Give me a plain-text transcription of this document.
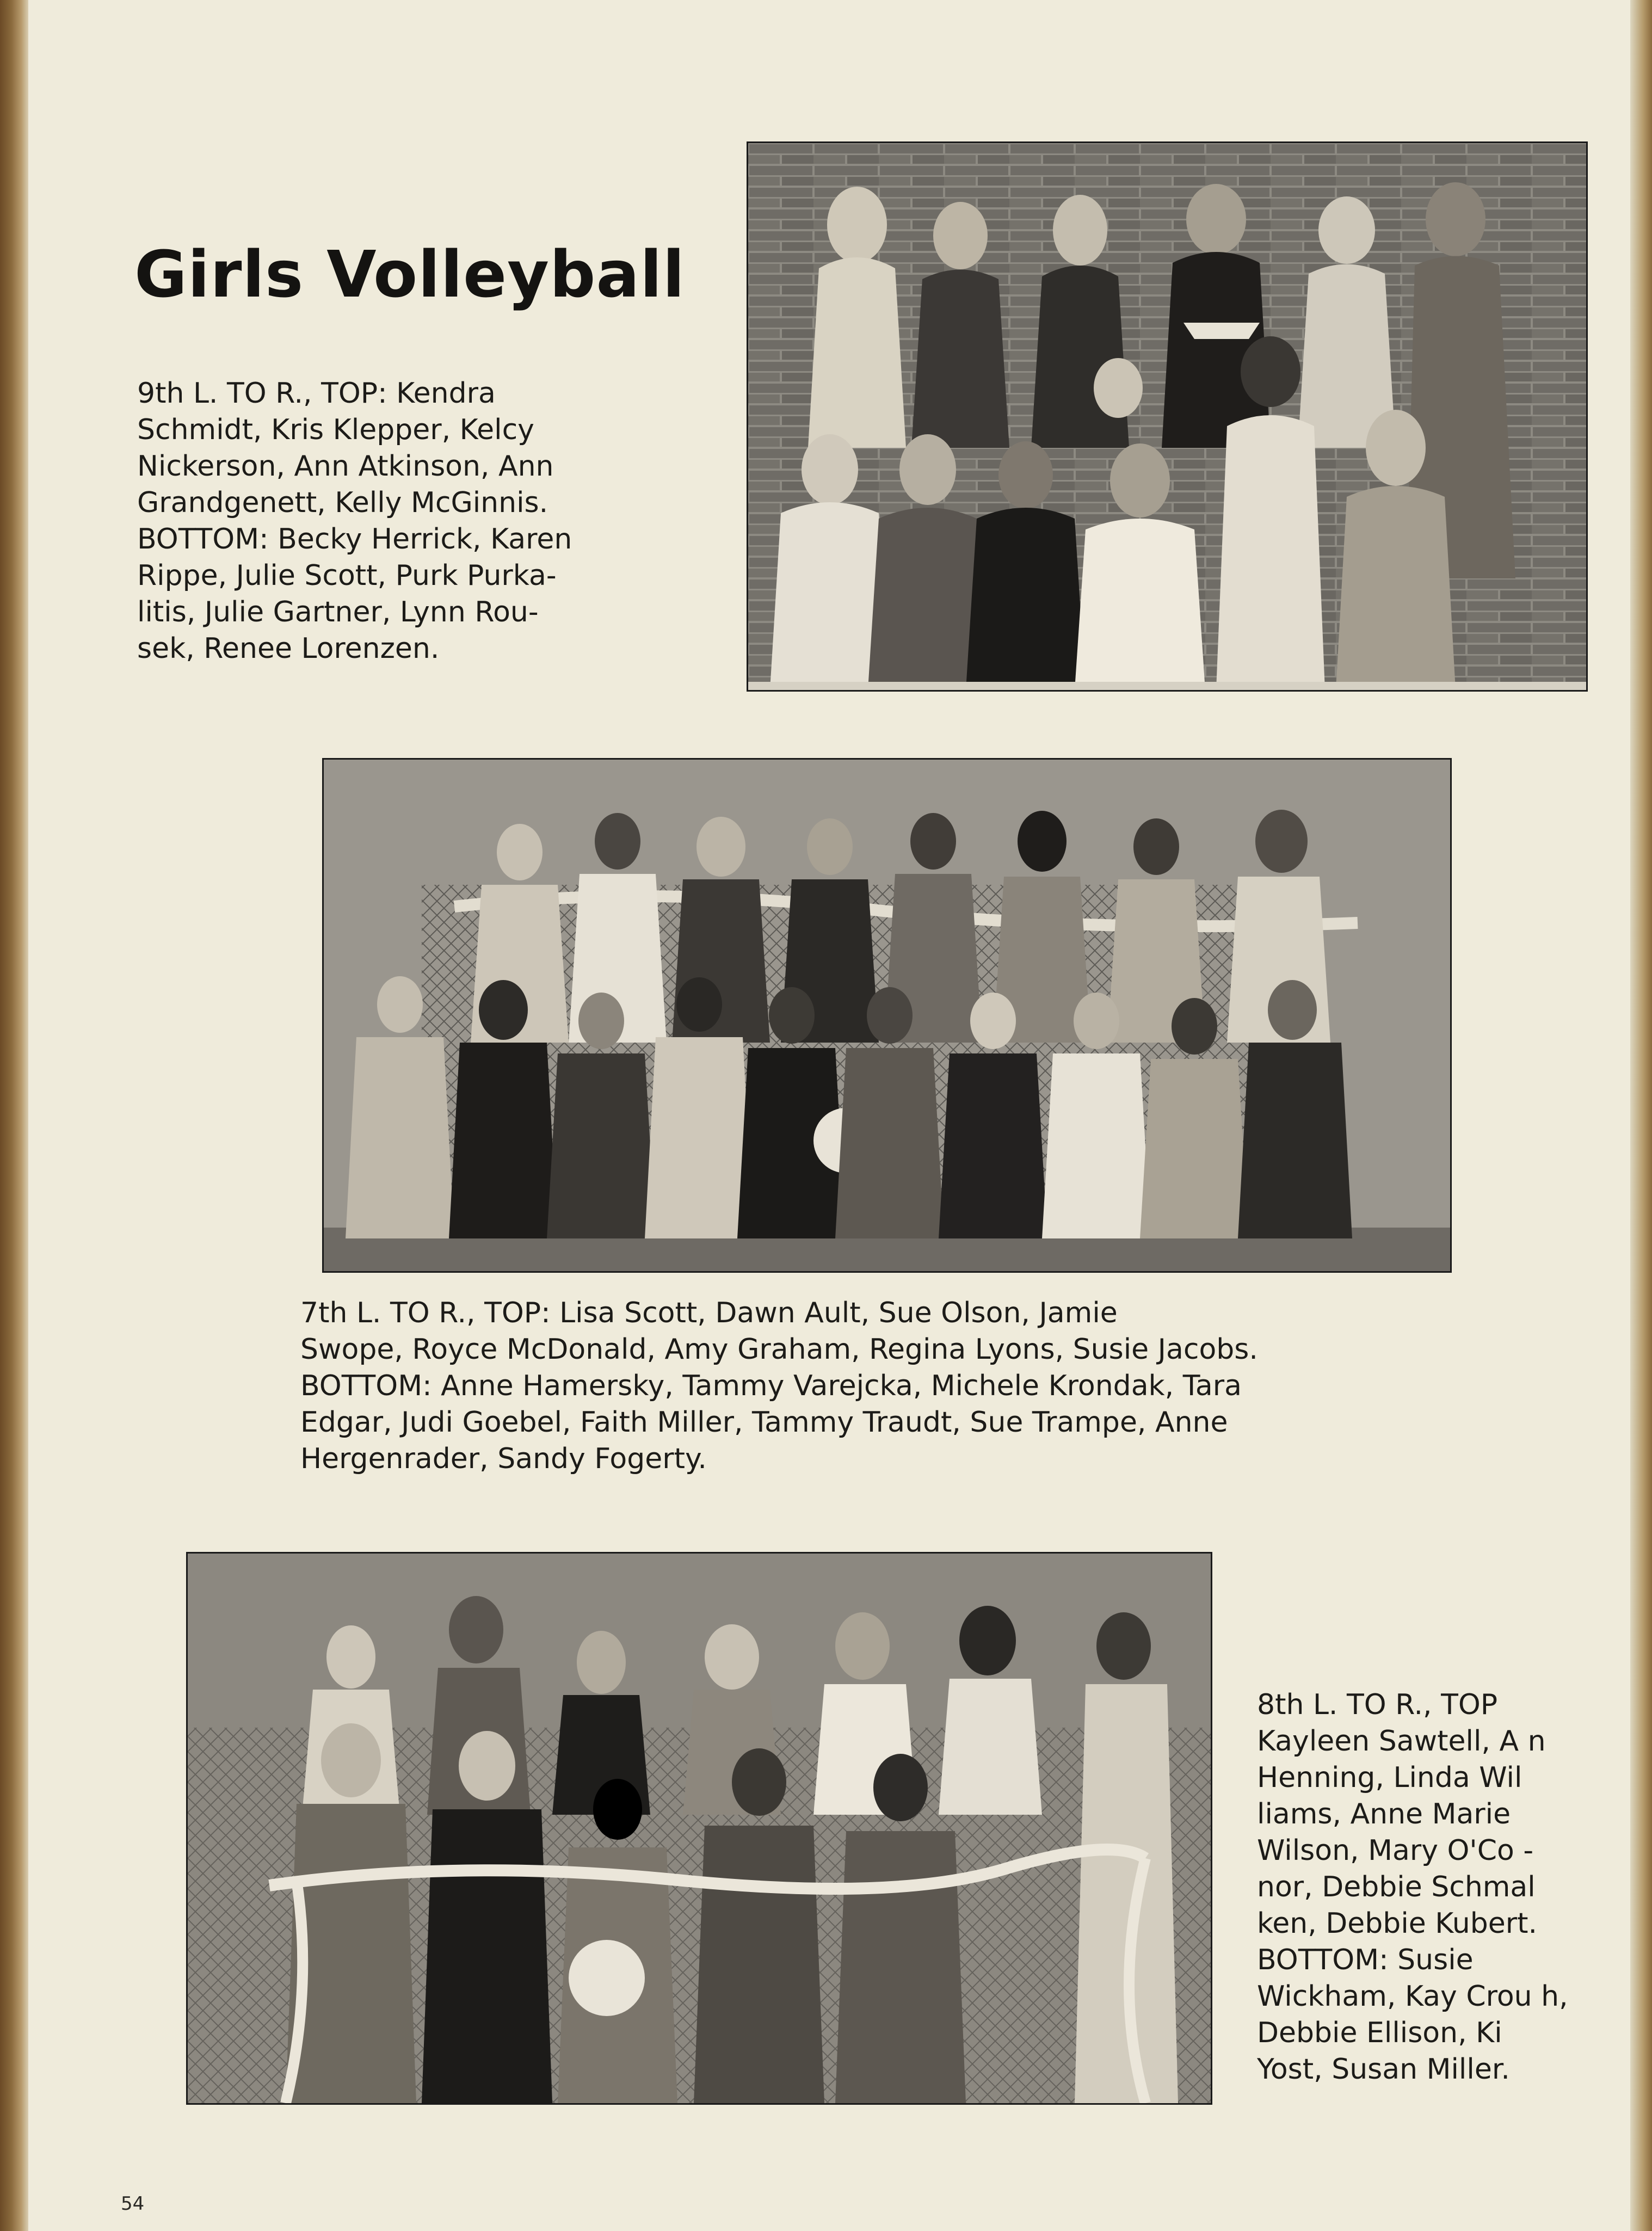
Girls Volleyball
9th L. TO R., TOP: Kendra
Schmidt, Kris Klepper, Kelcy
Nickerson, Ann Atkinson, Ann
Grandgenett, Kelly McGinnis.
BOTTOM: Becky Herrick, Karen
Rippe, Julie Scott, Purk Purka-
litis, Julie Gartner, Lynn Rou-
sek, Renee Lorenzen.
7th L. TO R., TOP: Lisa Scott, Dawn Ault, Sue Olson, Jamie
Swope, Royce McDonald, Amy Graham, Regina Lyons, Susie Jacobs.
BOTTOM: Anne Hamersky, Tammy Varejcka, Michele Krondak, Tara
Edgar, Judi Goebel, Faith Miller, Tammy Traudt, Sue Trampe, Anne
Hergenrader, Sandy Fogerty.
8th L. TO R., TOP
Kayleen Sawtell, A n
Henning, Linda Wil
liams, Anne Marie
Wilson, Mary O'Co -
nor, Debbie Schmal
ken, Debbie Kubert.
BOTTOM: Susie
Wickham, Kay Crou h,
Debbie Ellison, Ki
Yost, Susan Miller.
54
